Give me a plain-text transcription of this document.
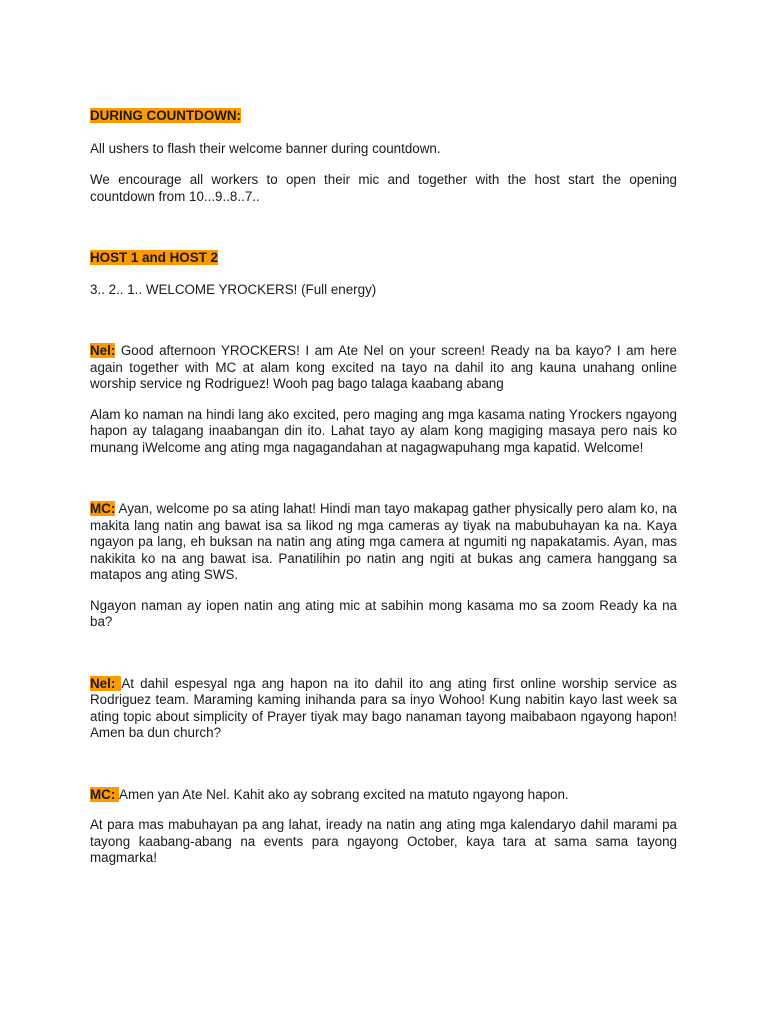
DURING COUNTDOWN:

All ushers to flash their welcome banner during countdown.

We encourage all workers to open their mic and together with the host start the opening countdown from 10...9..8..7..

HOST 1 and HOST 2

3.. 2.. 1.. WELCOME YROCKERS! (Full energy)

Nel: Good afternoon YROCKERS! I am Ate Nel on your screen! Ready na ba kayo? I am here again together with MC at alam kong excited na tayo na dahil ito ang kauna unahang online worship service ng Rodriguez! Wooh pag bago talaga kaabang abang

Alam ko naman na hindi lang ako excited, pero maging ang mga kasama nating Yrockers ngayong hapon ay talagang inaabangan din ito. Lahat tayo ay alam kong magiging masaya pero nais ko munang iWelcome ang ating mga nagagandahan at nagagwapuhang mga kapatid. Welcome!

MC: Ayan, welcome po sa ating lahat! Hindi man tayo makapag gather physically pero alam ko, na makita lang natin ang bawat isa sa likod ng mga cameras ay tiyak na mabubuhayan ka na. Kaya ngayon pa lang, eh buksan na natin ang ating mga camera at ngumiti ng napakatamis. Ayan, mas nakikita ko na ang bawat isa. Panatilihin po natin ang ngiti at bukas ang camera hanggang sa matapos ang ating SWS.

Ngayon naman ay iopen natin ang ating mic at sabihin mong kasama mo sa zoom Ready ka na ba?

Nel: At dahil espesyal nga ang hapon na ito dahil ito ang ating first online worship service as Rodriguez team. Maraming kaming inihanda para sa inyo Wohoo! Kung nabitin kayo last week sa ating topic about simplicity of Prayer tiyak may bago nanaman tayong maibabaon ngayong hapon! Amen ba dun church?

MC: Amen yan Ate Nel. Kahit ako ay sobrang excited na matuto ngayong hapon.

At para mas mabuhayan pa ang lahat, iready na natin ang ating mga kalendaryo dahil marami pa tayong kaabang-abang na events para ngayong October, kaya tara at sama sama tayong magmarka!
